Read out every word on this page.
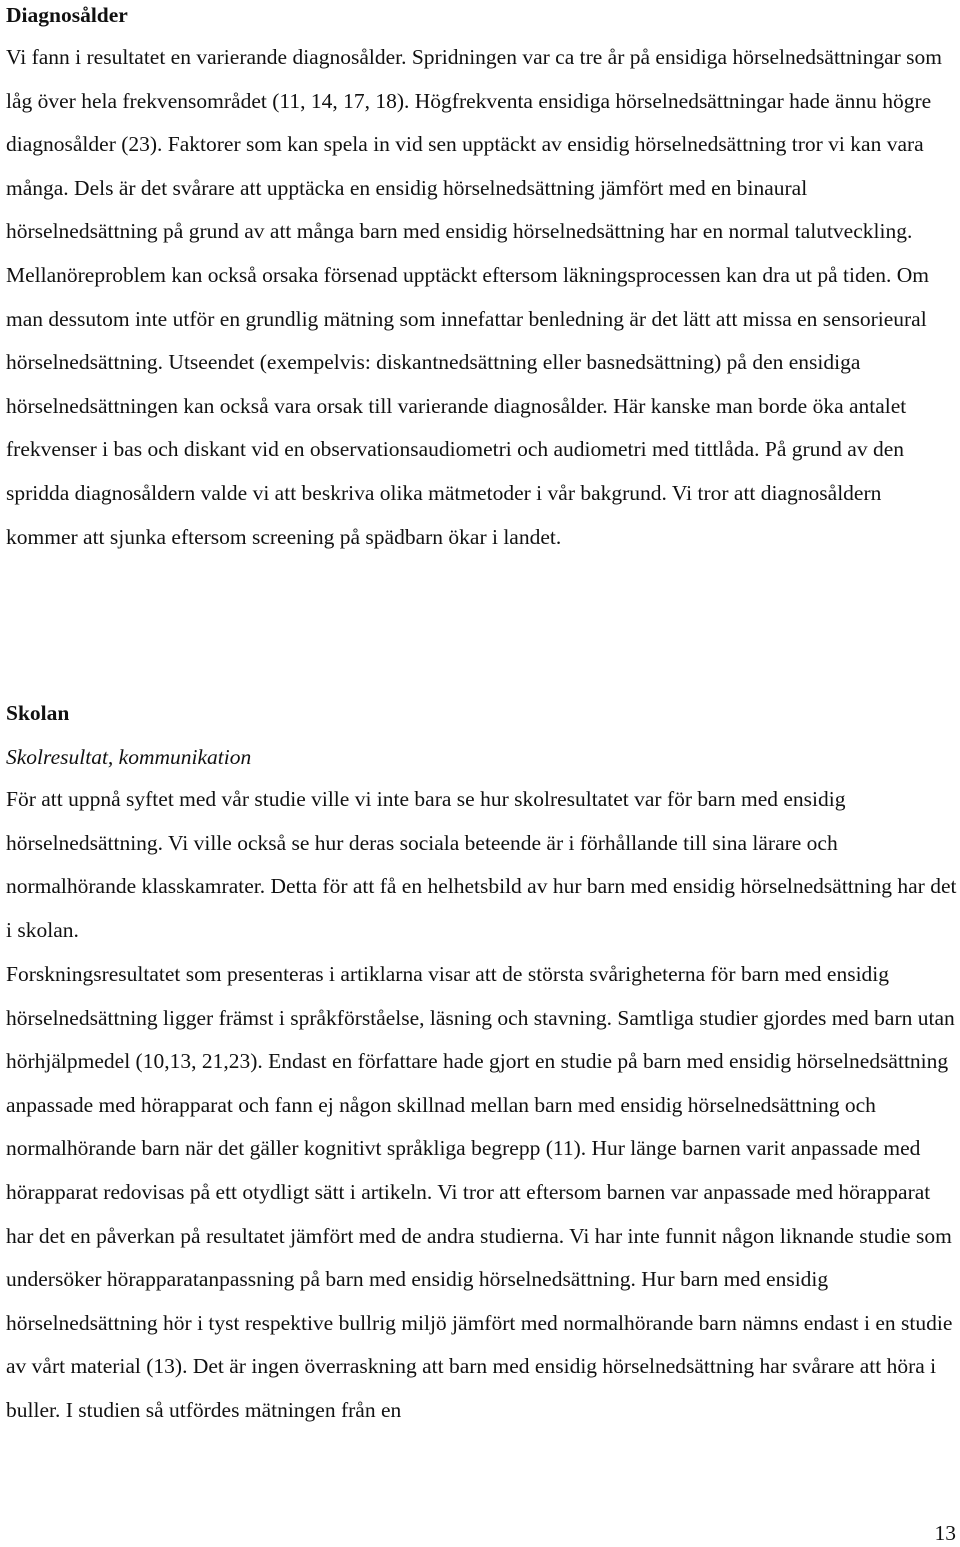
Diagnosålder

Vi fann i resultatet en varierande diagnosålder. Spridningen var ca tre år på ensidiga hörselnedsättningar som låg över hela frekvensområdet (11, 14, 17, 18). Högfrekventa ensidiga hörselnedsättningar hade ännu högre diagnosålder (23). Faktorer som kan spela in vid sen upptäckt av ensidig hörselnedsättning tror vi kan vara många. Dels är det svårare att upptäcka en ensidig hörselnedsättning jämfört med en binaural hörselnedsättning på grund av att många barn med ensidig hörselnedsättning har en normal talutveckling. Mellanöreproblem kan också orsaka försenad upptäckt eftersom läkningsprocessen kan dra ut på tiden. Om man dessutom inte utför en grundlig mätning som innefattar benledning är det lätt att missa en sensorieural hörselnedsättning. Utseendet (exempelvis: diskantnedsättning eller basnedsättning) på den ensidiga hörselnedsättningen kan också vara orsak till varierande diagnosålder. Här kanske man borde öka antalet frekvenser i bas och diskant vid en observationsaudiometri och audiometri med tittlåda. På grund av den spridda diagnosåldern valde vi att beskriva olika mätmetoder i vår bakgrund. Vi tror att diagnosåldern kommer att sjunka eftersom screening på spädbarn ökar i landet.

Skolan

Skolresultat, kommunikation

För att uppnå syftet med vår studie ville vi inte bara se hur skolresultatet var för barn med ensidig hörselnedsättning. Vi ville också se hur deras sociala beteende är i förhållande till sina lärare och normalhörande klasskamrater. Detta för att få en helhetsbild av hur barn med ensidig hörselnedsättning har det i skolan.

Forskningsresultatet som presenteras i artiklarna visar att de största svårigheterna för barn med ensidig hörselnedsättning ligger främst i språkförståelse, läsning och stavning. Samtliga studier gjordes med barn utan hörhjälpmedel (10,13, 21,23). Endast en författare hade gjort en studie på barn med ensidig hörselnedsättning anpassade med hörapparat och fann ej någon skillnad mellan barn med ensidig hörselnedsättning och normalhörande barn när det gäller kognitivt språkliga begrepp (11). Hur länge barnen varit anpassade med hörapparat redovisas på ett otydligt sätt i artikeln. Vi tror att eftersom barnen var anpassade med hörapparat har det en påverkan på resultatet jämfört med de andra studierna. Vi har inte funnit någon liknande studie som undersöker hörapparatanpassning på barn med ensidig hörselnedsättning. Hur barn med ensidig hörselnedsättning hör i tyst respektive bullrig miljö jämfört med normalhörande barn nämns endast i en studie av vårt material (13). Det är ingen överraskning att barn med ensidig hörselnedsättning har svårare att höra i buller. I studien så utfördes mätningen från en

13
